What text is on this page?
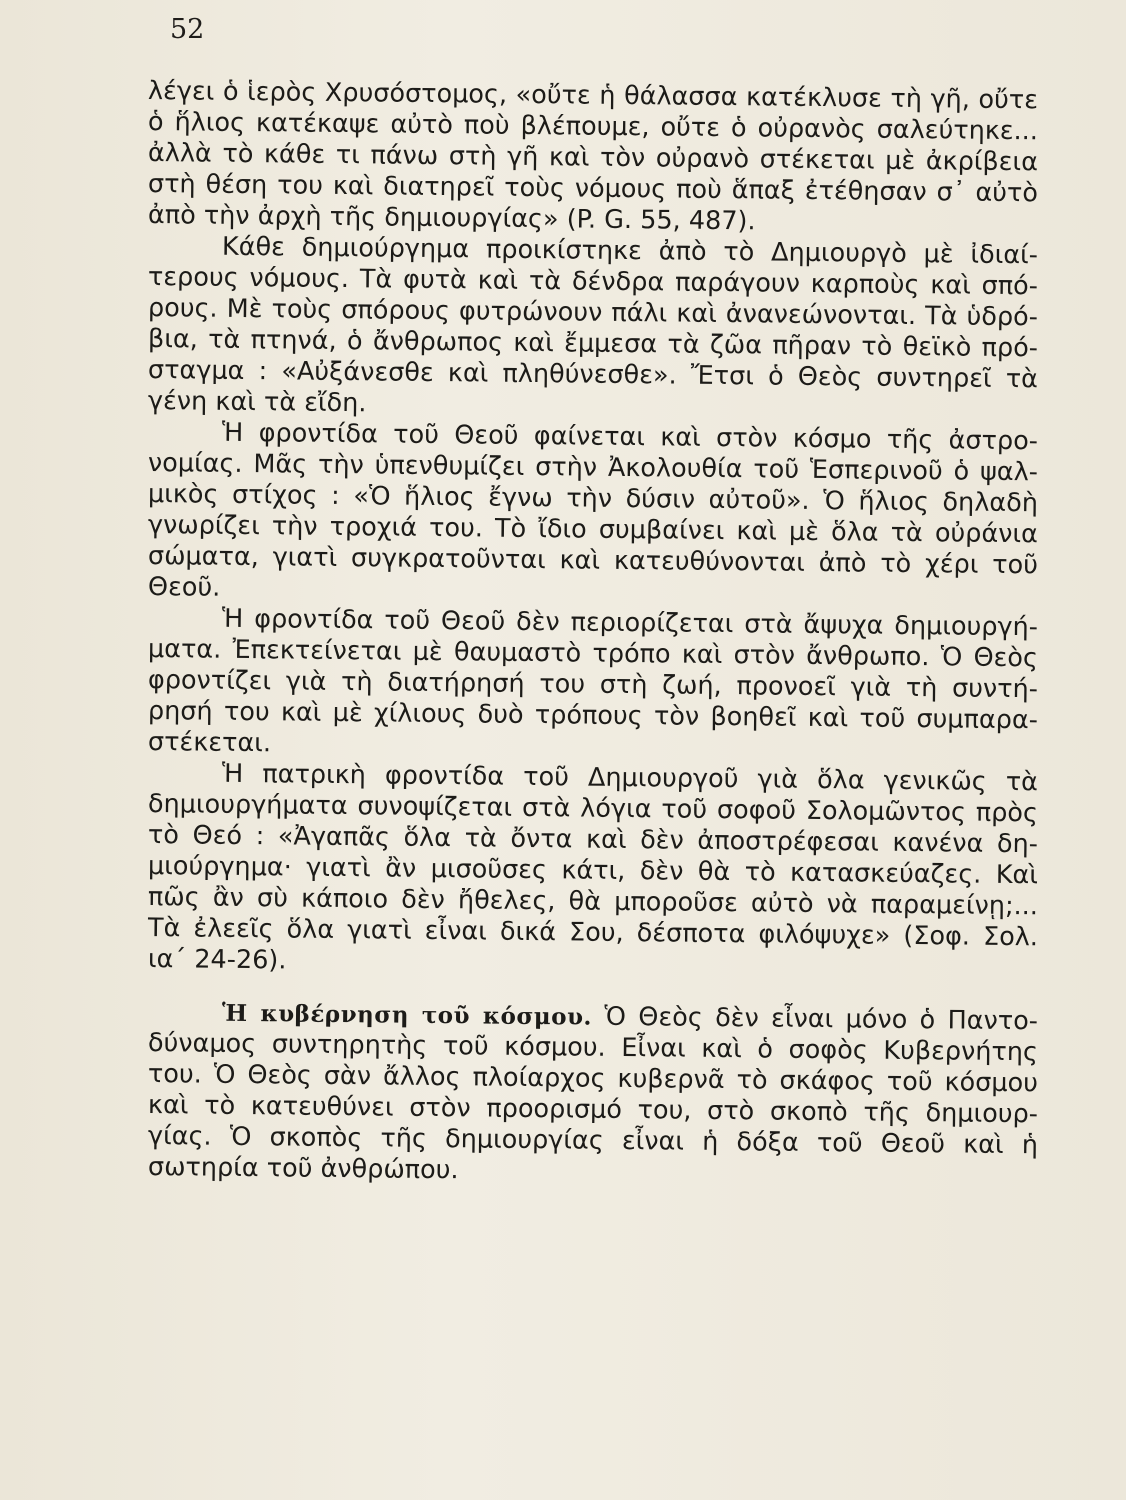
52
λέγει ὁ ἱερὸς Χρυσόστομος, «οὔτε ἡ θάλασσα κατέκλυσε τὴ γῆ, οὔτε
ὁ ἥλιος κατέκαψε αὐτὸ ποὺ βλέπουμε, οὔτε ὁ οὐρανὸς σαλεύτηκε...
ἀλλὰ τὸ κάθε τι πάνω στὴ γῆ καὶ τὸν οὐρανὸ στέκεται μὲ ἀκρίβεια
στὴ θέση του καὶ διατηρεῖ τοὺς νόμους ποὺ ἅπαξ ἐτέθησαν σ᾿ αὐτὸ
ἀπὸ τὴν ἀρχὴ τῆς δημιουργίας» (P. G. 55, 487).
Κάθε δημιούργημα προικίστηκε ἀπὸ τὸ Δημιουργὸ μὲ ἰδιαί-
τερους νόμους. Τὰ φυτὰ καὶ τὰ δένδρα παράγουν καρποὺς καὶ σπό-
ρους. Μὲ τοὺς σπόρους φυτρώνουν πάλι καὶ ἀνανεώνονται. Τὰ ὑδρό-
βια, τὰ πτηνά, ὁ ἄνθρωπος καὶ ἔμμεσα τὰ ζῶα πῆραν τὸ θεϊκὸ πρό-
σταγμα : «Αὐξάνεσθε καὶ πληθύνεσθε». Ἔτσι ὁ Θεὸς συντηρεῖ τὰ
γένη καὶ τὰ εἴδη.
Ἡ φροντίδα τοῦ Θεοῦ φαίνεται καὶ στὸν κόσμο τῆς ἀστρο-
νομίας. Μᾶς τὴν ὑπενθυμίζει στὴν Ἀκολουθία τοῦ Ἑσπερινοῦ ὁ ψαλ-
μικὸς στίχος : «Ὁ ἥλιος ἔγνω τὴν δύσιν αὐτοῦ». Ὁ ἥλιος δηλαδὴ
γνωρίζει τὴν τροχιά του. Τὸ ἴδιο συμβαίνει καὶ μὲ ὅλα τὰ οὐράνια
σώματα, γιατὶ συγκρατοῦνται καὶ κατευθύνονται ἀπὸ τὸ χέρι τοῦ
Θεοῦ.
Ἡ φροντίδα τοῦ Θεοῦ δὲν περιορίζεται στὰ ἄψυχα δημιουργή-
ματα. Ἐπεκτείνεται μὲ θαυμαστὸ τρόπο καὶ στὸν ἄνθρωπο. Ὁ Θεὸς
φροντίζει γιὰ τὴ διατήρησή του στὴ ζωή, προνοεῖ γιὰ τὴ συντή-
ρησή του καὶ μὲ χίλιους δυὸ τρόπους τὸν βοηθεῖ καὶ τοῦ συμπαρα-
στέκεται.
Ἡ πατρικὴ φροντίδα τοῦ Δημιουργοῦ γιὰ ὅλα γενικῶς τὰ
δημιουργήματα συνοψίζεται στὰ λόγια τοῦ σοφοῦ Σολομῶντος πρὸς
τὸ Θεό : «Ἀγαπᾶς ὅλα τὰ ὄντα καὶ δὲν ἀποστρέφεσαι κανένα δη-
μιούργημα· γιατὶ ἂν μισοῦσες κάτι, δὲν θὰ τὸ κατασκεύαζες. Καὶ
πῶς ἂν σὺ κάποιο δὲν ἤθελες, θὰ μποροῦσε αὐτὸ νὰ παραμείνῃ;...
Τὰ ἐλεεῖς ὅλα γιατὶ εἶναι δικά Σου, δέσποτα φιλόψυχε» (Σοφ. Σολ.
ια´ 24-26).
Ἡ κυβέρνηση τοῦ κόσμου. Ὁ Θεὸς δὲν εἶναι μόνο ὁ Παντο-
δύναμος συντηρητὴς τοῦ κόσμου. Εἶναι καὶ ὁ σοφὸς Κυβερνήτης
του. Ὁ Θεὸς σὰν ἄλλος πλοίαρχος κυβερνᾶ τὸ σκάφος τοῦ κόσμου
καὶ τὸ κατευθύνει στὸν προορισμό του, στὸ σκοπὸ τῆς δημιουρ-
γίας. Ὁ σκοπὸς τῆς δημιουργίας εἶναι ἡ δόξα τοῦ Θεοῦ καὶ ἡ
σωτηρία τοῦ ἀνθρώπου.
